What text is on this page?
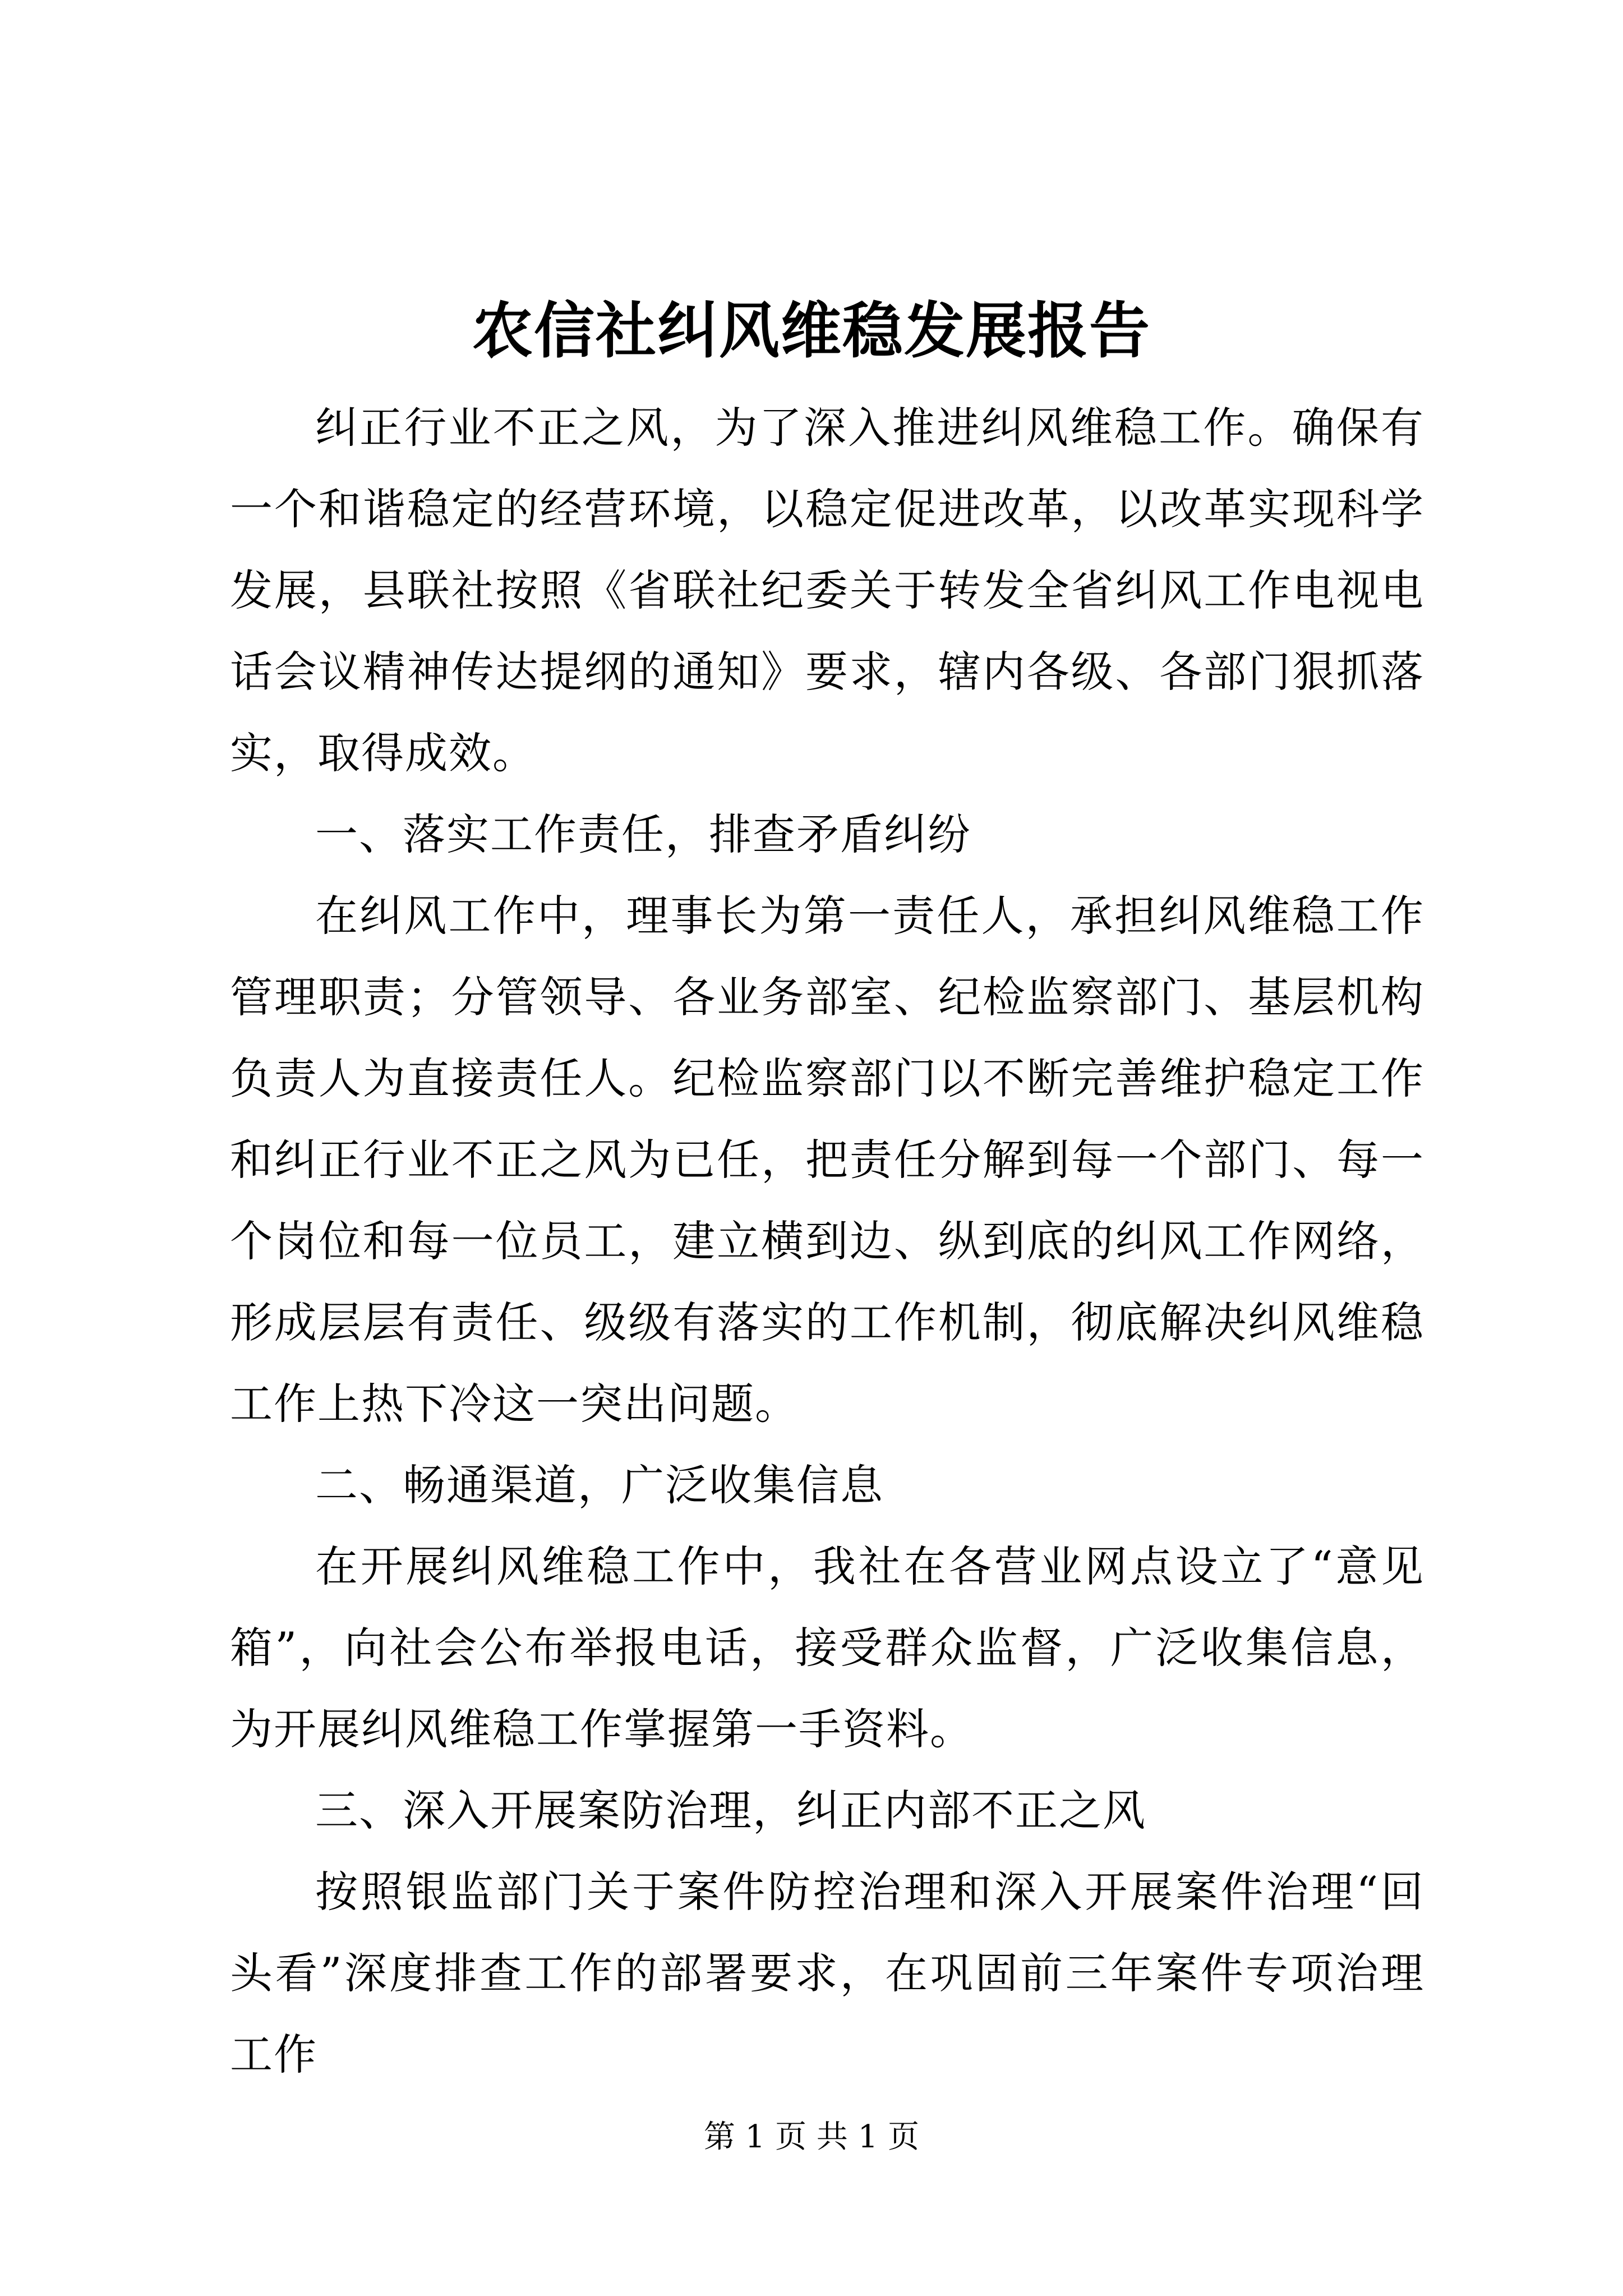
农信社纠风维稳发展报告

纠正行业不正之风，为了深入推进纠风维稳工作。确保有一个和谐稳定的经营环境，以稳定促进改革，以改革实现科学发展，县联社按照《省联社纪委关于转发全省纠风工作电视电话会议精神传达提纲的通知》要求，辖内各级、各部门狠抓落实，取得成效。

一、落实工作责任，排查矛盾纠纷

在纠风工作中，理事长为第一责任人，承担纠风维稳工作管理职责；分管领导、各业务部室、纪检监察部门、基层机构负责人为直接责任人。纪检监察部门以不断完善维护稳定工作和纠正行业不正之风为已任，把责任分解到每一个部门、每一个岗位和每一位员工，建立横到边、纵到底的纠风工作网络，形成层层有责任、级级有落实的工作机制，彻底解决纠风维稳工作上热下冷这一突出问题。

二、畅通渠道，广泛收集信息

在开展纠风维稳工作中，我社在各营业网点设立了“意见箱”，向社会公布举报电话，接受群众监督，广泛收集信息，为开展纠风维稳工作掌握第一手资料。

三、深入开展案防治理，纠正内部不正之风

按照银监部门关于案件防控治理和深入开展案件治理“回头看”深度排查工作的部署要求，在巩固前三年案件专项治理工作

第 1 页 共 1 页
